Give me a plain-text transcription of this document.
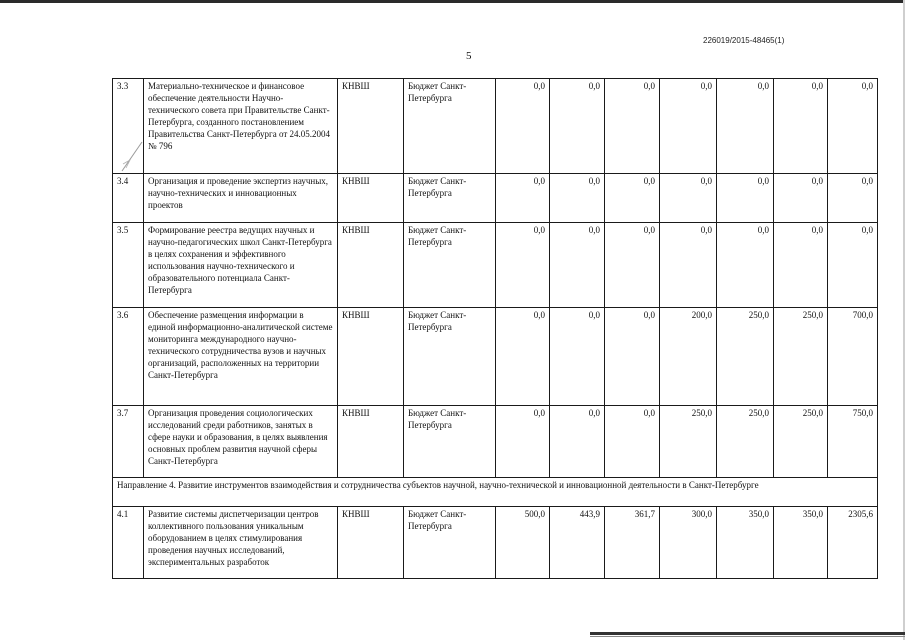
226019/2015-48465(1)
5
3.3	Материально-техническое и финансовое обеспечение деятельности Научно-технического совета при Правительстве Санкт-Петербурга, созданного постановлением Правительства Санкт-Петербурга от 24.05.2004 № 796	КНВШ	Бюджет Санкт-Петербурга	0,0	0,0	0,0	0,0	0,0	0,0	0,0
3.4	Организация и проведение экспертиз научных, научно-технических и инновационных проектов	КНВШ	Бюджет Санкт-Петербурга	0,0	0,0	0,0	0,0	0,0	0,0	0,0
3.5	Формирование реестра ведущих научных и научно-педагогических школ Санкт-Петербурга в целях сохранения и эффективного использования научно-технического и образовательного потенциала Санкт-Петербурга	КНВШ	Бюджет Санкт-Петербурга	0,0	0,0	0,0	0,0	0,0	0,0	0,0
3.6	Обеспечение размещения информации в единой информационно-аналитической системе мониторинга международного научно-технического сотрудничества вузов и научных организаций, расположенных на территории Санкт-Петербурга	КНВШ	Бюджет Санкт-Петербурга	0,0	0,0	0,0	200,0	250,0	250,0	700,0
3.7	Организация проведения социологических исследований среди работников, занятых в сфере науки и образования, в целях выявления основных проблем развития научной сферы Санкт-Петербурга	КНВШ	Бюджет Санкт-Петербурга	0,0	0,0	0,0	250,0	250,0	250,0	750,0
Направление 4. Развитие инструментов взаимодействия и сотрудничества субъектов научной, научно-технической и инновационной деятельности в Санкт-Петербурге										
4.1	Развитие системы диспетчеризации центров коллективного пользования уникальным оборудованием в целях стимулирования проведения научных исследований, экспериментальных разработок	КНВШ	Бюджет Санкт-Петербурга	500,0	443,9	361,7	300,0	350,0	350,0	2305,6
